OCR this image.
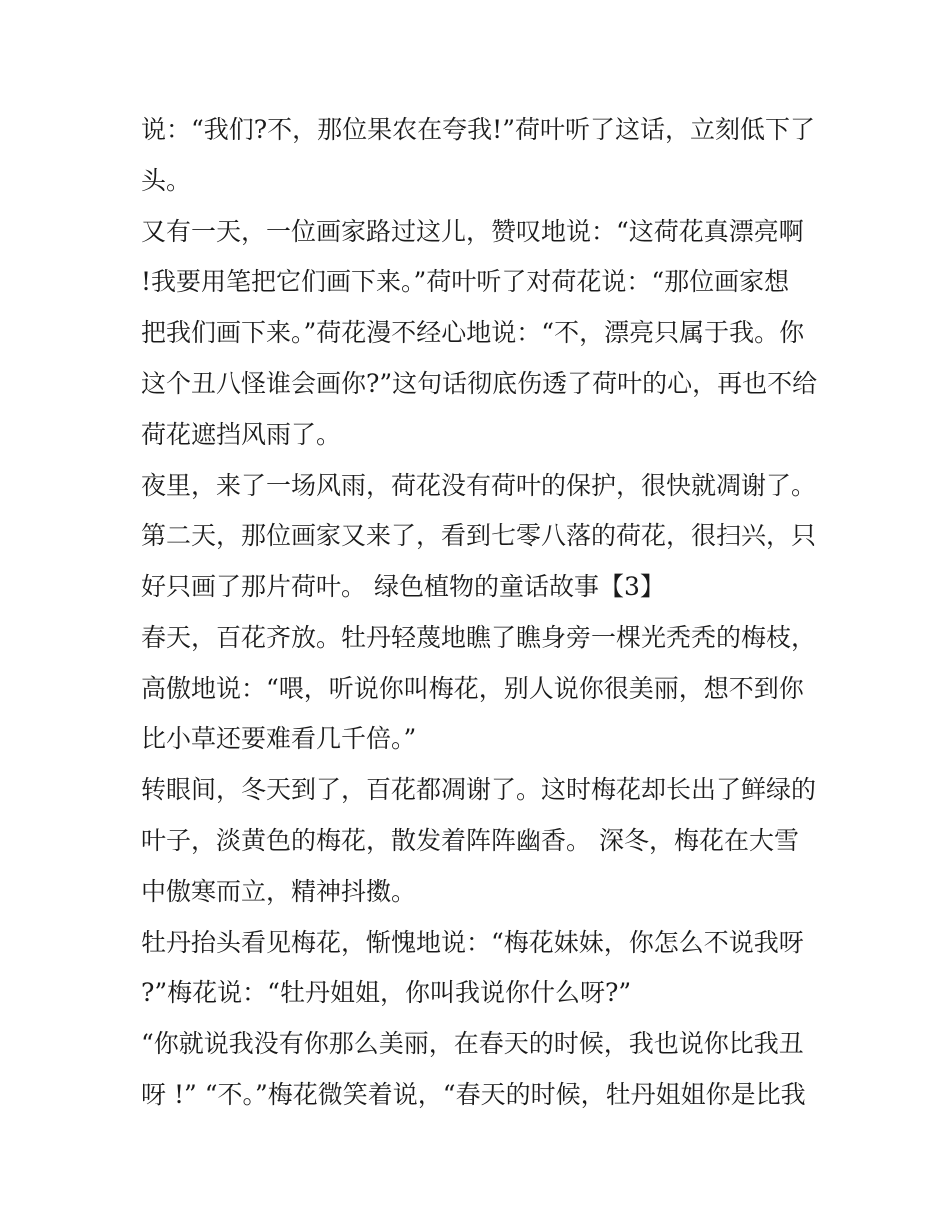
说：“我们?不，那位果农在夸我!”荷叶听了这话，立刻低下了
头。
又有一天，一位画家路过这儿，赞叹地说：“这荷花真漂亮啊
!我要用笔把它们画下来。”荷叶听了对荷花说：“那位画家想
把我们画下来。”荷花漫不经心地说：“不，漂亮只属于我。你
这个丑八怪谁会画你?”这句话彻底伤透了荷叶的心，再也不给
荷花遮挡风雨了。
夜里，来了一场风雨，荷花没有荷叶的保护，很快就凋谢了。
第二天，那位画家又来了，看到七零八落的荷花，很扫兴，只
好只画了那片荷叶。 绿色植物的童话故事【3】
春天，百花齐放。牡丹轻蔑地瞧了瞧身旁一棵光秃秃的梅枝，
高傲地说：“喂，听说你叫梅花，别人说你很美丽，想不到你
比小草还要难看几千倍。”
转眼间，冬天到了，百花都凋谢了。这时梅花却长出了鲜绿的
叶子，淡黄色的梅花，散发着阵阵幽香。 深冬，梅花在大雪
中傲寒而立，精神抖擞。
牡丹抬头看见梅花，惭愧地说：“梅花妹妹，你怎么不说我呀
?”梅花说：“牡丹姐姐，你叫我说你什么呀?”
“你就说我没有你那么美丽，在春天的时候，我也说你比我丑
呀 !” “不。”梅花微笑着说，“春天的时候，牡丹姐姐你是比我
